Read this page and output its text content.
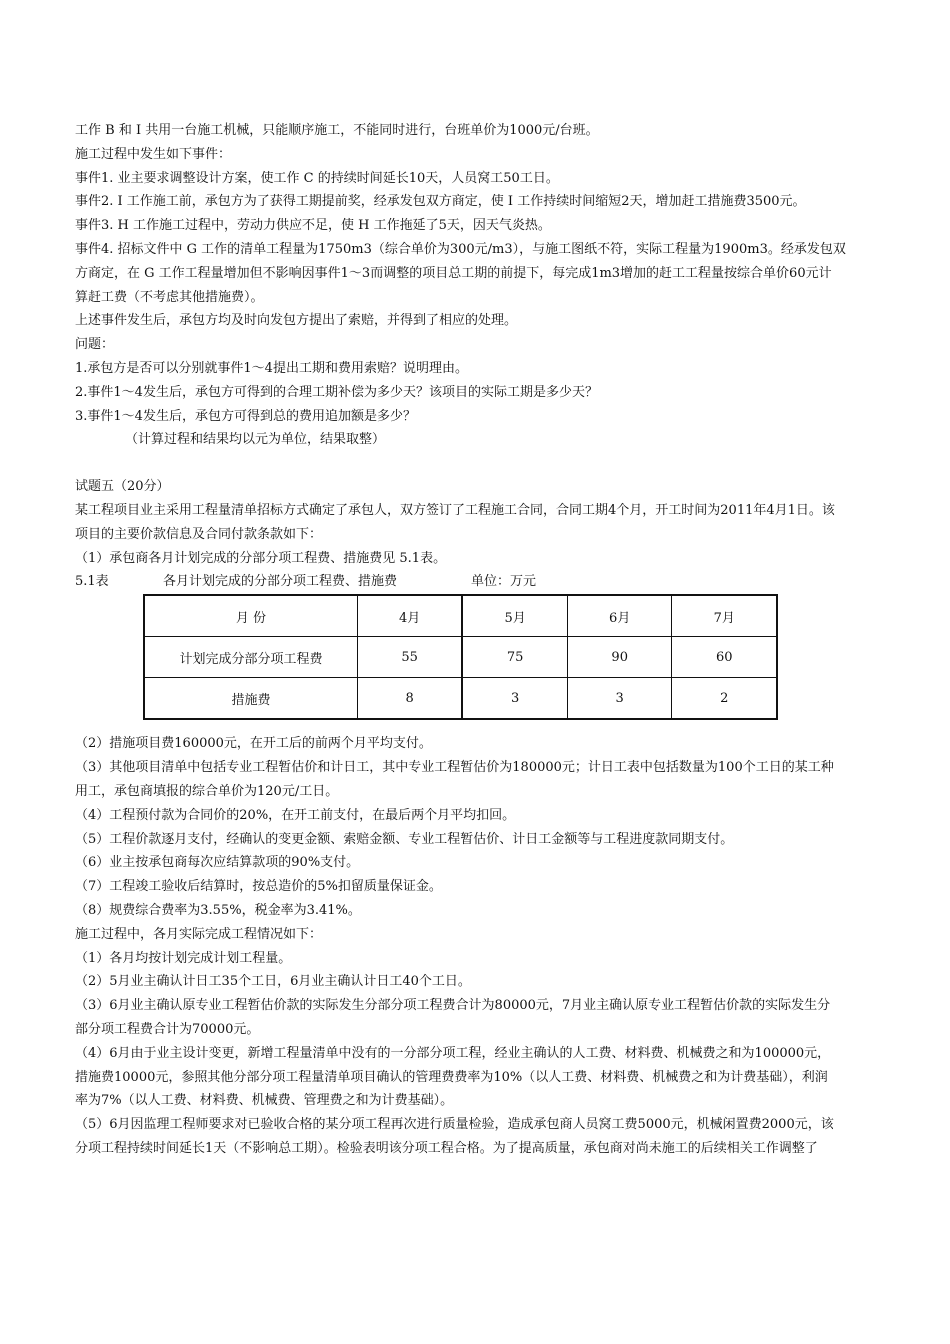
工作 B 和 I 共用一台施工机械，只能顺序施工，不能同时进行，台班单价为1000元/台班。
施工过程中发生如下事件：
事件1. 业主要求调整设计方案，使工作 C 的持续时间延长10天，人员窝工50工日。
事件2. I 工作施工前，承包方为了获得工期提前奖，经承发包双方商定，使 I 工作持续时间缩短2天，增加赶工措施费3500元。
事件3. H 工作施工过程中，劳动力供应不足，使 H 工作拖延了5天，因天气炎热。
事件4. 招标文件中 G 工作的清单工程量为1750m3（综合单价为300元/m3），与施工图纸不符，实际工程量为1900m3。经承发包双
方商定，在 G 工作工程量增加但不影响因事件1～3而调整的项目总工期的前提下，每完成1m3增加的赶工工程量按综合单价60元计
算赶工费（不考虑其他措施费）。
上述事件发生后，承包方均及时向发包方提出了索赔，并得到了相应的处理。
问题：
1.承包方是否可以分别就事件1～4提出工期和费用索赔？说明理由。
2.事件1～4发生后，承包方可得到的合理工期补偿为多少天？该项目的实际工期是多少天？
3.事件1～4发生后，承包方可得到总的费用追加额是多少？
（计算过程和结果均以元为单位，结果取整）
试题五（20分）
某工程项目业主采用工程量清单招标方式确定了承包人，双方签订了工程施工合同，合同工期4个月，开工时间为2011年4月1日。该
项目的主要价款信息及合同付款条款如下：
（1）承包商各月计划完成的分部分项工程费、措施费见 5.1表。
5.1表	各月计划完成的分部分项工程费、措施费	单位：万元
月 份	4月	5月	6月	7月
计划完成分部分项工程费	55	75	90	60
措施费	8	3	3	2
（2）措施项目费160000元，在开工后的前两个月平均支付。
（3）其他项目清单中包括专业工程暂估价和计日工，其中专业工程暂估价为180000元；计日工表中包括数量为100个工日的某工种
用工，承包商填报的综合单价为120元/工日。
（4）工程预付款为合同价的20%，在开工前支付，在最后两个月平均扣回。
（5）工程价款逐月支付，经确认的变更金额、索赔金额、专业工程暂估价、计日工金额等与工程进度款同期支付。
（6）业主按承包商每次应结算款项的90%支付。
（7）工程竣工验收后结算时，按总造价的5%扣留质量保证金。
（8）规费综合费率为3.55%，税金率为3.41%。
施工过程中，各月实际完成工程情况如下：
（1）各月均按计划完成计划工程量。
（2）5月业主确认计日工35个工日，6月业主确认计日工40个工日。
（3）6月业主确认原专业工程暂估价款的实际发生分部分项工程费合计为80000元，7月业主确认原专业工程暂估价款的实际发生分
部分项工程费合计为70000元。
（4）6月由于业主设计变更，新增工程量清单中没有的一分部分项工程，经业主确认的人工费、材料费、机械费之和为100000元，
措施费10000元，参照其他分部分项工程量清单项目确认的管理费费率为10%（以人工费、材料费、机械费之和为计费基础），利润
率为7%（以人工费、材料费、机械费、管理费之和为计费基础）。
（5）6月因监理工程师要求对已验收合格的某分项工程再次进行质量检验，造成承包商人员窝工费5000元，机械闲置费2000元，该
分项工程持续时间延长1天（不影响总工期）。检验表明该分项工程合格。为了提高质量，承包商对尚未施工的后续相关工作调整了
